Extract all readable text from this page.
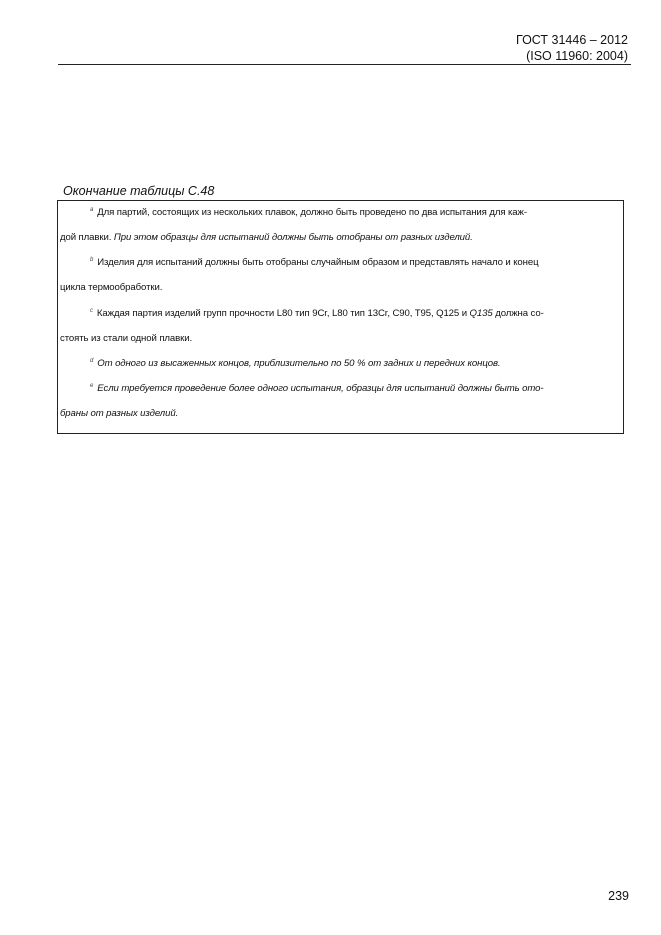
ГОСТ 31446 – 2012
(ISO 11960: 2004)
Окончание таблицы С.48
$^a$ Для партий, состоящих из нескольких плавок, должно быть проведено по два испытания для каж-
дой плавки. При этом образцы для испытаний должны быть отобраны от разных изделий.
$^b$ Изделия для испытаний должны быть отобраны случайным образом и представлять начало и конец
цикла термообработки.
$^c$ Каждая партия изделий групп прочности L80 тип 9Cr, L80 тип 13Cr, C90, T95, Q125 и Q135 должна со-
стоять из стали одной плавки.
$^d$ От одного из высаженных концов, приблизительно по 50 % от задних и передних концов.
$^e$ Если требуется проведение более одного испытания, образцы для испытаний должны быть ото-
браны от разных изделий.
239
